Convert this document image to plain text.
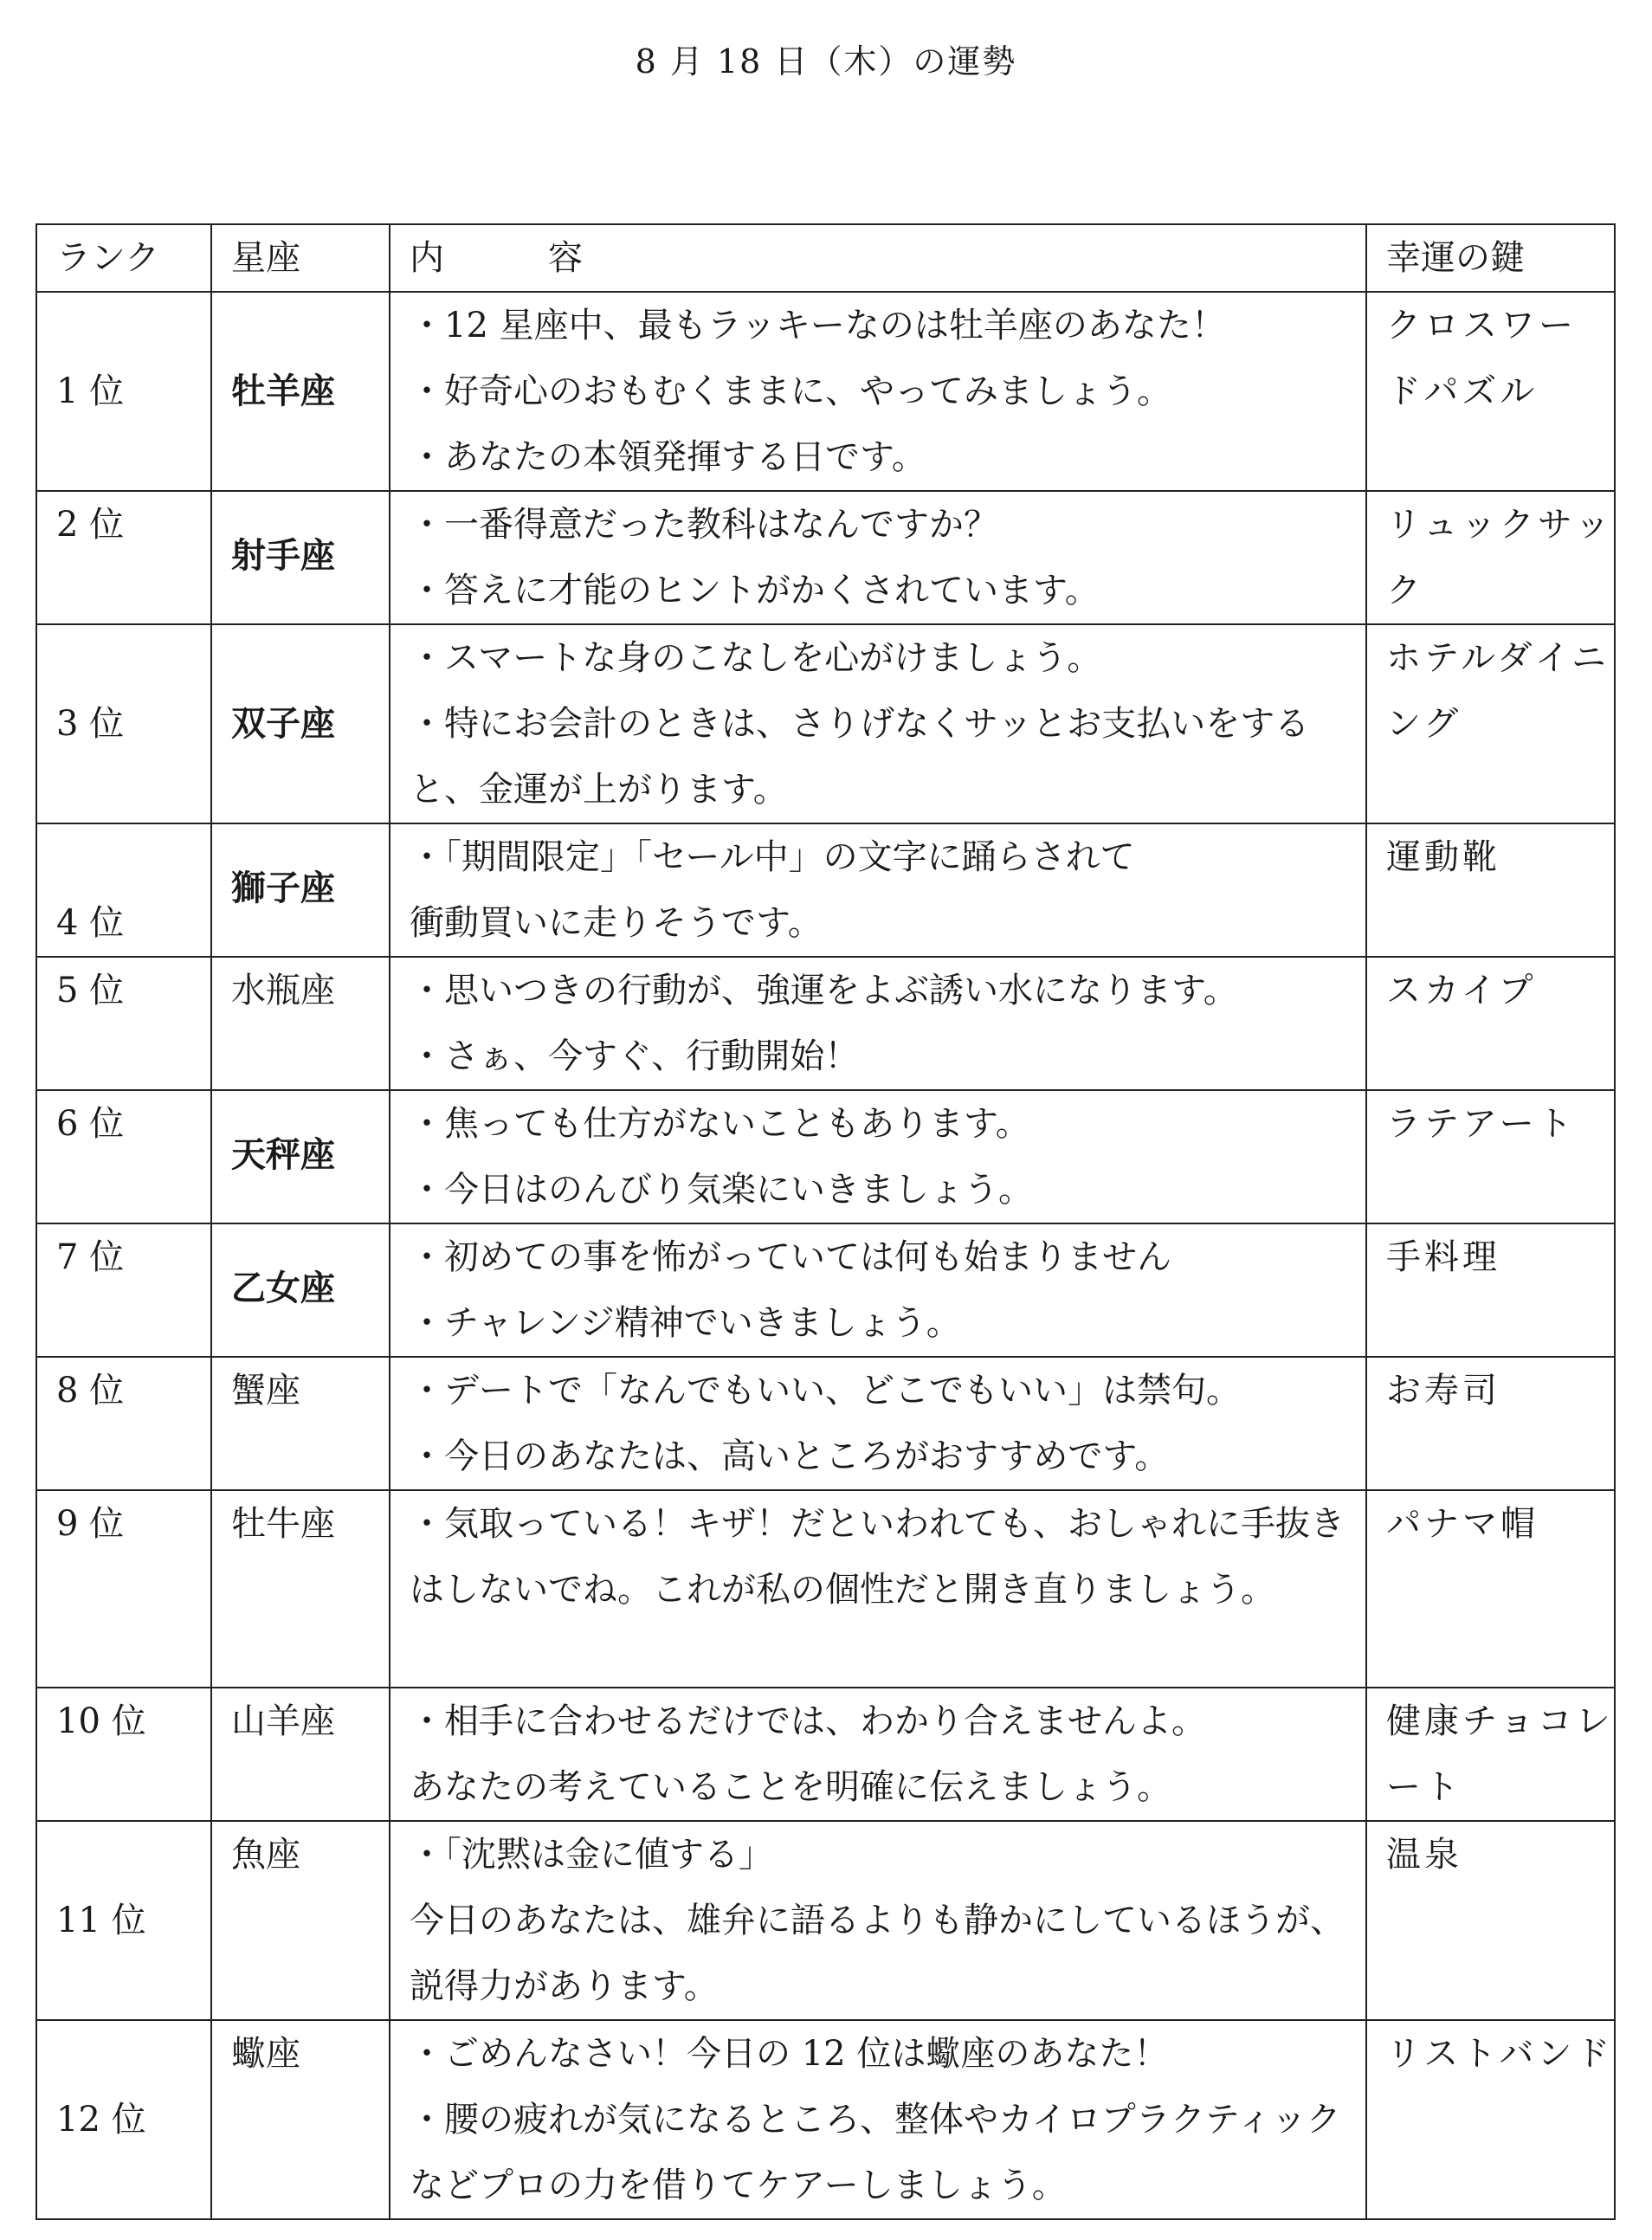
8 月 18 日（木）の運勢
ランク	星座	内容	幸運の鍵
1 位	牡羊座	・12 星座中、最もラッキーなのは牡羊座のあなた！
・好奇心のおもむくままに、やってみましょう。
・あなたの本領発揮する日です。	クロスワードパズル
2 位	射手座	・一番得意だった教科はなんですか？
・答えに才能のヒントがかくされています。	リュックサック
3 位	双子座	・スマートな身のこなしを心がけましょう。
・特にお会計のときは、さりげなくサッとお支払いをすると、金運が上がります。	ホテルダイニング
4 位	獅子座	・「期間限定」「セール中」の文字に踊らされて
衝動買いに走りそうです。	運動靴
5 位	水瓶座	・思いつきの行動が、強運をよぶ誘い水になります。
・さぁ、今すぐ、行動開始！	スカイプ
6 位	天秤座	・焦っても仕方がないこともあります。
・今日はのんびり気楽にいきましょう。	ラテアート
7 位	乙女座	・初めての事を怖がっていては何も始まりません
・チャレンジ精神でいきましょう。	手料理
8 位	蟹座	・デートで「なんでもいい、どこでもいい」は禁句。
・今日のあなたは、高いところがおすすめです。	お寿司
9 位	牡牛座	・気取っている！キザ！だといわれても、おしゃれに手抜きはしないでね。これが私の個性だと開き直りましょう。	パナマ帽
10 位	山羊座	・相手に合わせるだけでは、わかり合えませんよ。
あなたの考えていることを明確に伝えましょう。	健康チョコレート
11 位	魚座	・「沈黙は金に値する」
今日のあなたは、雄弁に語るよりも静かにしているほうが、説得力があります。	温泉
12 位	蠍座	・ごめんなさい！今日の 12 位は蠍座のあなた！
・腰の疲れが気になるところ、整体やカイロプラクティックなどプロの力を借りてケアーしましょう。	リストバンド
